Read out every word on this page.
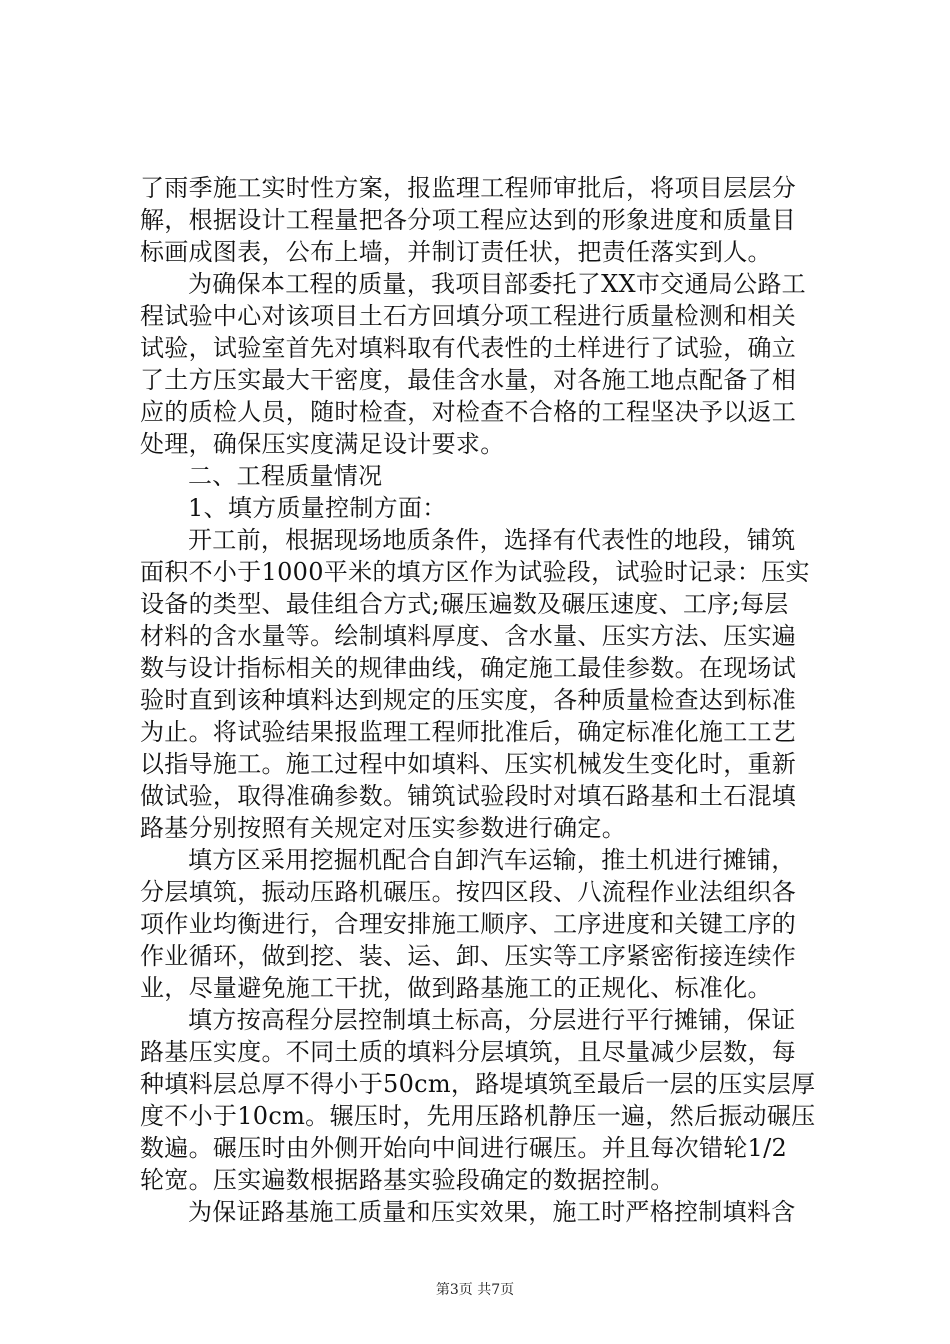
了雨季施工实时性方案，报监理工程师审批后，将项目层层分
解，根据设计工程量把各分项工程应达到的形象进度和质量目
标画成图表，公布上墙，并制订责任状，把责任落实到人。
为确保本工程的质量，我项目部委托了XX市交通局公路工
程试验中心对该项目土石方回填分项工程进行质量检测和相关
试验，试验室首先对填料取有代表性的土样进行了试验，确立
了土方压实最大干密度，最佳含水量，对各施工地点配备了相
应的质检人员，随时检查，对检查不合格的工程坚决予以返工
处理，确保压实度满足设计要求。
二、工程质量情况
1、填方质量控制方面：
开工前，根据现场地质条件，选择有代表性的地段，铺筑
面积不小于1000平米的填方区作为试验段，试验时记录：压实
设备的类型、最佳组合方式;碾压遍数及碾压速度、工序;每层
材料的含水量等。绘制填料厚度、含水量、压实方法、压实遍
数与设计指标相关的规律曲线，确定施工最佳参数。在现场试
验时直到该种填料达到规定的压实度，各种质量检查达到标准
为止。将试验结果报监理工程师批准后，确定标准化施工工艺
以指导施工。施工过程中如填料、压实机械发生变化时，重新
做试验，取得准确参数。铺筑试验段时对填石路基和土石混填
路基分别按照有关规定对压实参数进行确定。
填方区采用挖掘机配合自卸汽车运输，推土机进行摊铺，
分层填筑，振动压路机碾压。按四区段、八流程作业法组织各
项作业均衡进行，合理安排施工顺序、工序进度和关键工序的
作业循环，做到挖、装、运、卸、压实等工序紧密衔接连续作
业，尽量避免施工干扰，做到路基施工的正规化、标准化。
填方按高程分层控制填土标高，分层进行平行摊铺，保证
路基压实度。不同土质的填料分层填筑，且尽量减少层数，每
种填料层总厚不得小于50cm，路堤填筑至最后一层的压实层厚
度不小于10cm。辗压时，先用压路机静压一遍，然后振动碾压
数遍。碾压时由外侧开始向中间进行碾压。并且每次错轮1/2
轮宽。压实遍数根据路基实验段确定的数据控制。
为保证路基施工质量和压实效果，施工时严格控制填料含
第3页 共7页
